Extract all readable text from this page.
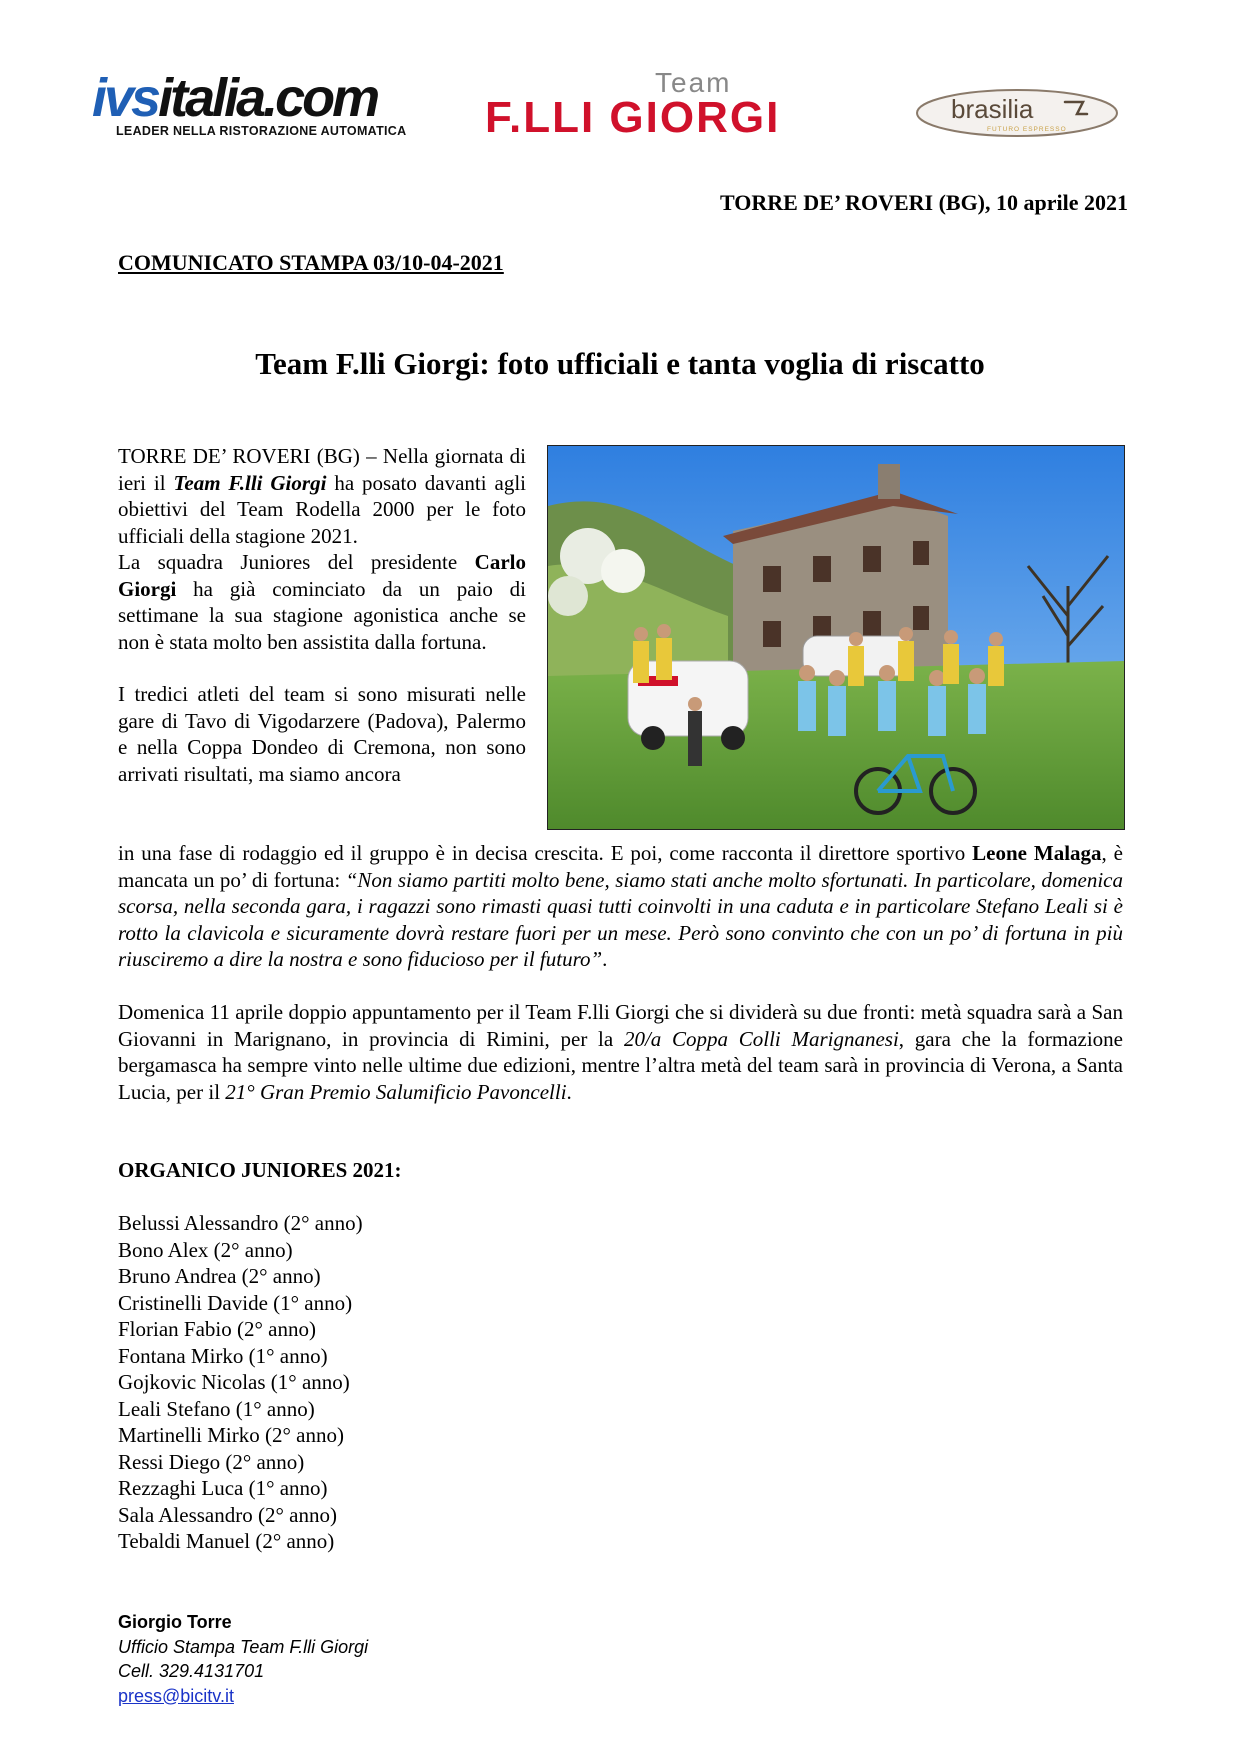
ivsitalia.com
LEADER NELLA RISTORAZIONE AUTOMATICA
Team
F.LLI GIORGI	brasilia
FUTURO ESPRESSO
TORRE DE’ ROVERI (BG), 10 aprile 2021
COMUNICATO STAMPA 03/10-04-2021
Team F.lli Giorgi: foto ufficiali e tanta voglia di riscatto

TORRE DE’ ROVERI (BG) – Nella giornata di ieri il Team F.lli Giorgi ha posato davanti agli obiettivi del Team Rodella 2000 per le foto ufficiali della stagione 2021.

La squadra Juniores del presidente Carlo Giorgi ha già cominciato da un paio di settimane la sua stagione agonistica anche se non è stata molto ben assistita dalla fortuna.

I tredici atleti del team si sono misurati nelle gare di Tavo di Vigodarzere (Padova), Palermo e nella Coppa Dondeo di Cremona, non sono arrivati risultati, ma siamo ancora

in una fase di rodaggio ed il gruppo è in decisa crescita. E poi, come racconta il direttore sportivo Leone Malaga, è mancata un po’ di fortuna: “Non siamo partiti molto bene, siamo stati anche molto sfortunati. In particolare, domenica scorsa, nella seconda gara, i ragazzi sono rimasti quasi tutti coinvolti in una caduta e in particolare Stefano Leali si è rotto la clavicola e sicuramente dovrà restare fuori per un mese. Però sono convinto che con un po’ di fortuna in più riusciremo a dire la nostra e sono fiducioso per il futuro”.

Domenica 11 aprile doppio appuntamento per il Team F.lli Giorgi che si dividerà su due fronti: metà squadra sarà a San Giovanni in Marignano, in provincia di Rimini, per la 20/a Coppa Colli Marignanesi, gara che la formazione bergamasca ha sempre vinto nelle ultime due edizioni, mentre l’altra metà del team sarà in provincia di Verona, a Santa Lucia, per il 21° Gran Premio Salumificio Pavoncelli.

ORGANICO JUNIORES 2021:
Belussi Alessandro (2° anno)
Bono Alex (2° anno)
Bruno Andrea (2° anno)
Cristinelli Davide (1° anno)
Florian Fabio (2° anno)
Fontana Mirko (1° anno)
Gojkovic Nicolas (1° anno)
Leali Stefano (1° anno)
Martinelli Mirko (2° anno)
Ressi Diego (2° anno)
Rezzaghi Luca (1° anno)
Sala Alessandro (2° anno)
Tebaldi Manuel (2° anno)
Giorgio Torre
Ufficio Stampa Team F.lli Giorgi
Cell. 329.4131701
press@bicitv.it
